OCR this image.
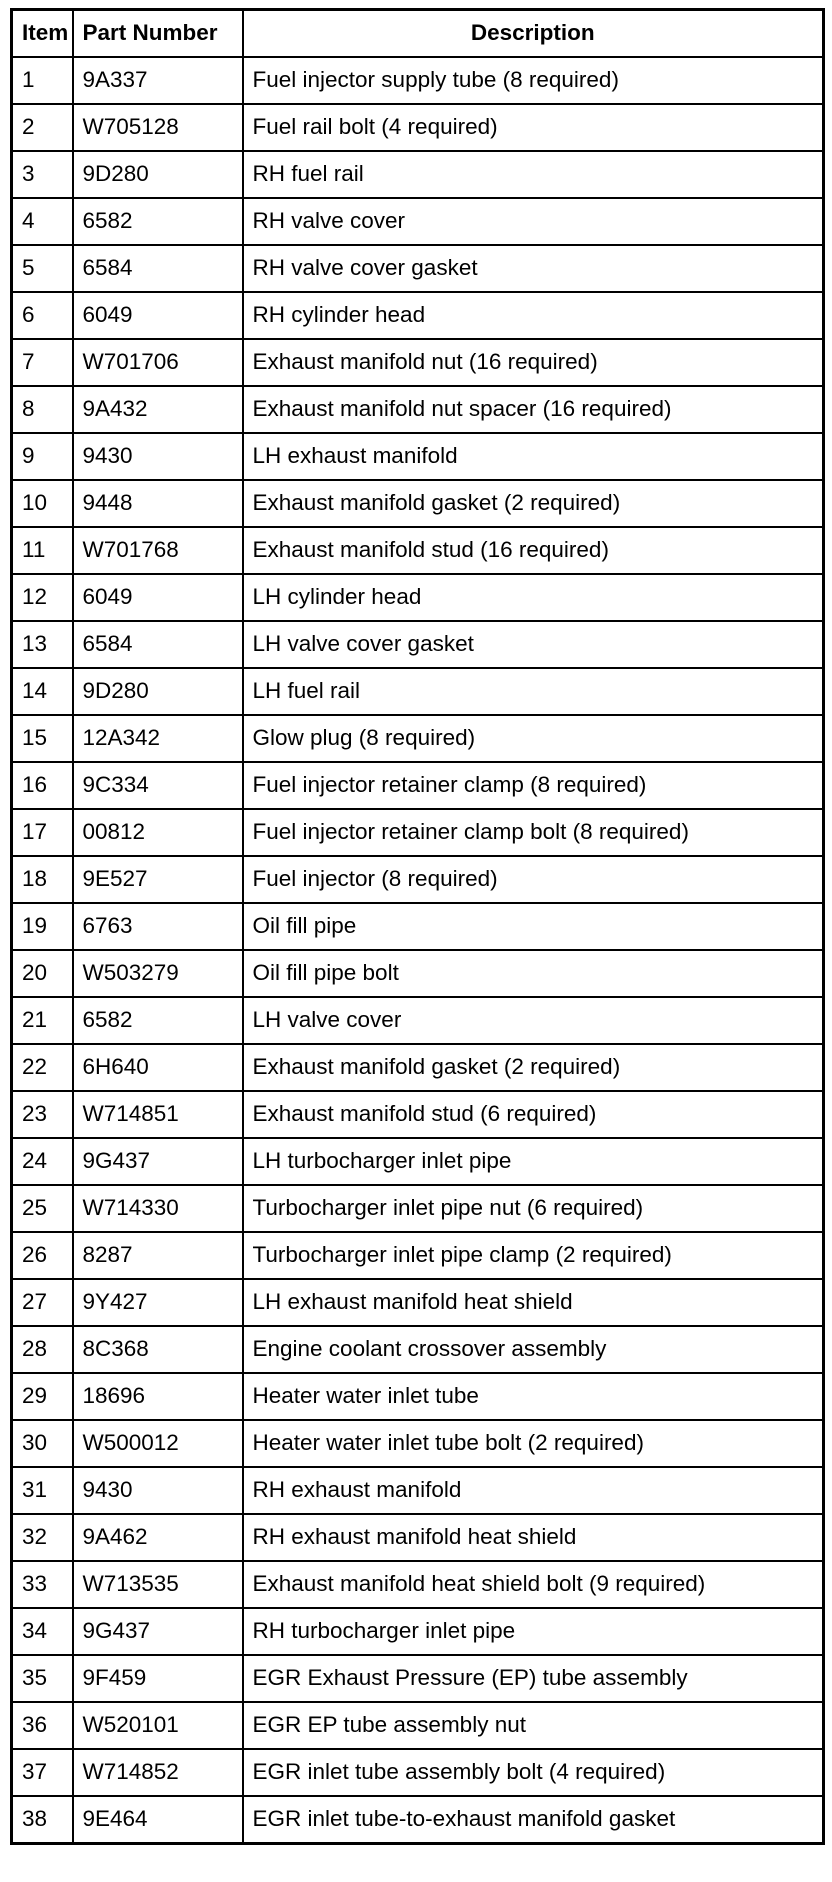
Item	Part Number	Description
1	9A337	Fuel injector supply tube (8 required)
2	W705128	Fuel rail bolt (4 required)
3	9D280	RH fuel rail
4	6582	RH valve cover
5	6584	RH valve cover gasket
6	6049	RH cylinder head
7	W701706	Exhaust manifold nut (16 required)
8	9A432	Exhaust manifold nut spacer (16 required)
9	9430	LH exhaust manifold
10	9448	Exhaust manifold gasket (2 required)
11	W701768	Exhaust manifold stud (16 required)
12	6049	LH cylinder head
13	6584	LH valve cover gasket
14	9D280	LH fuel rail
15	12A342	Glow plug (8 required)
16	9C334	Fuel injector retainer clamp (8 required)
17	00812	Fuel injector retainer clamp bolt (8 required)
18	9E527	Fuel injector (8 required)
19	6763	Oil fill pipe
20	W503279	Oil fill pipe bolt
21	6582	LH valve cover
22	6H640	Exhaust manifold gasket (2 required)
23	W714851	Exhaust manifold stud (6 required)
24	9G437	LH turbocharger inlet pipe
25	W714330	Turbocharger inlet pipe nut (6 required)
26	8287	Turbocharger inlet pipe clamp (2 required)
27	9Y427	LH exhaust manifold heat shield
28	8C368	Engine coolant crossover assembly
29	18696	Heater water inlet tube
30	W500012	Heater water inlet tube bolt (2 required)
31	9430	RH exhaust manifold
32	9A462	RH exhaust manifold heat shield
33	W713535	Exhaust manifold heat shield bolt (9 required)
34	9G437	RH turbocharger inlet pipe
35	9F459	EGR Exhaust Pressure (EP) tube assembly
36	W520101	EGR EP tube assembly nut
37	W714852	EGR inlet tube assembly bolt (4 required)
38	9E464	EGR inlet tube-to-exhaust manifold gasket
